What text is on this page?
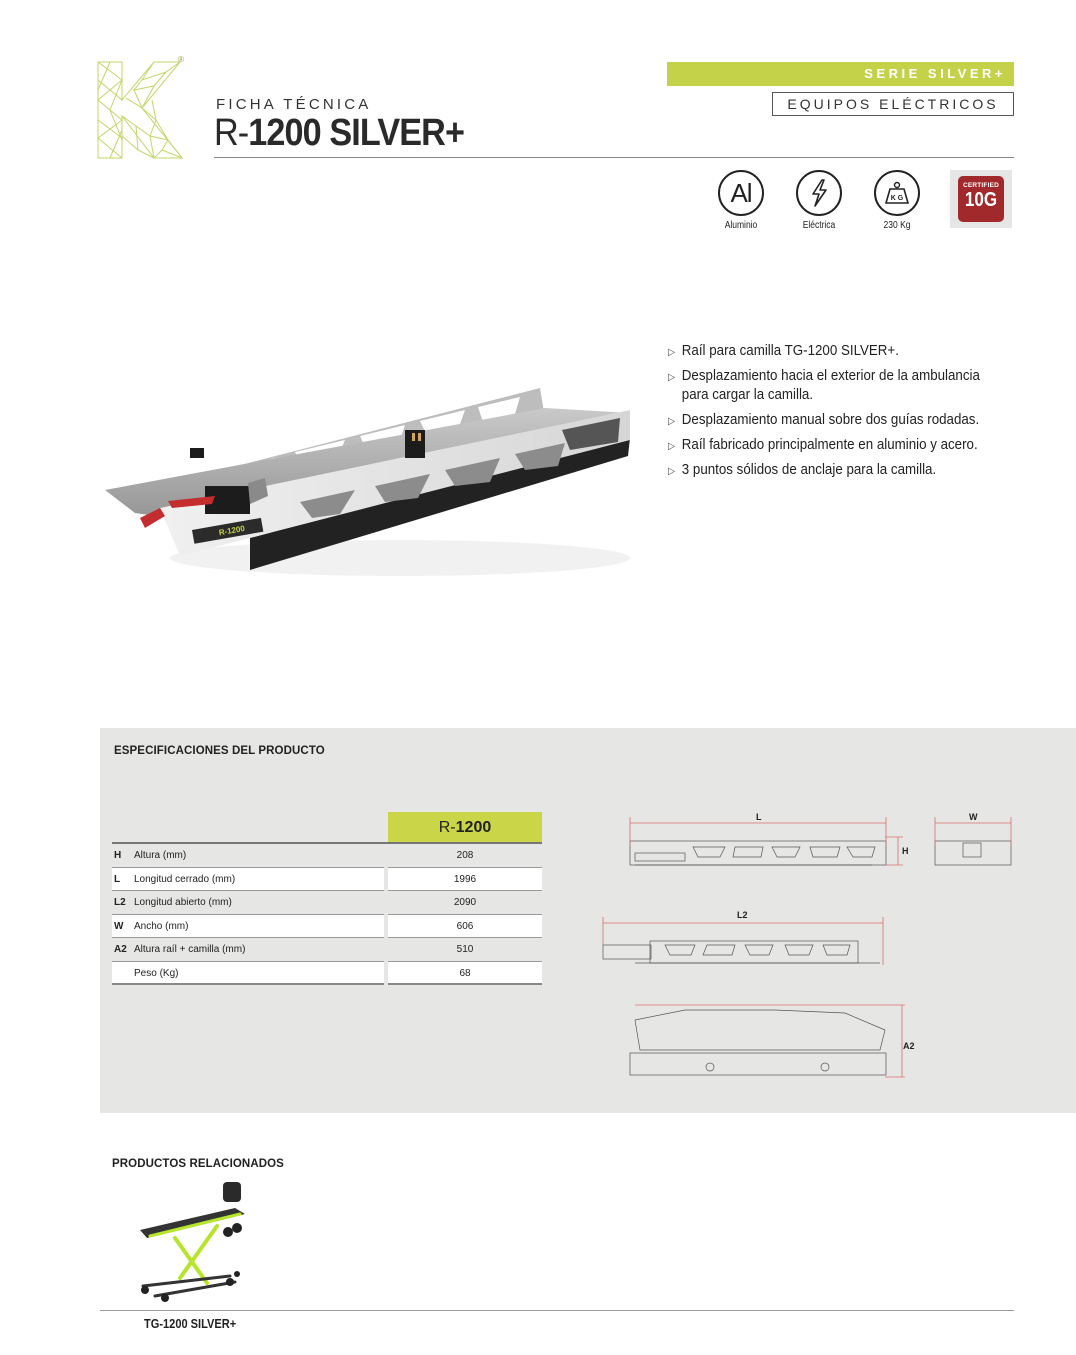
®
FICHA TÉCNICA
R-1200 SILVER+
SERIE SILVER+
EQUIPOS ELÉCTRICOS
Al
Aluminio	Eléctrica
K G
230 Kg
CERTIFIED
10G
▷ Raíl para camilla TG-1200 SILVER+.
▷ Desplazamiento hacia el exterior de la ambulancia para cargar la camilla.
▷ Desplazamiento manual sobre dos guías rodadas.
▷ Raíl fabricado principalmente en aluminio y acero.
▷ 3 puntos sólidos de anclaje para la camilla.
R-1200
ESPECIFICACIONES DEL PRODUCTO
R-1200
H	Altura (mm)	208
L	Longitud cerrado (mm)	1996
L2 Longitud abierto (mm)	2090
W	Ancho (mm)	606
A2 Altura raíl + camilla (mm)	510
Peso (Kg)	68
L
H
W
L2
A2
PRODUCTOS RELACIONADOS
TG-1200 SILVER+
